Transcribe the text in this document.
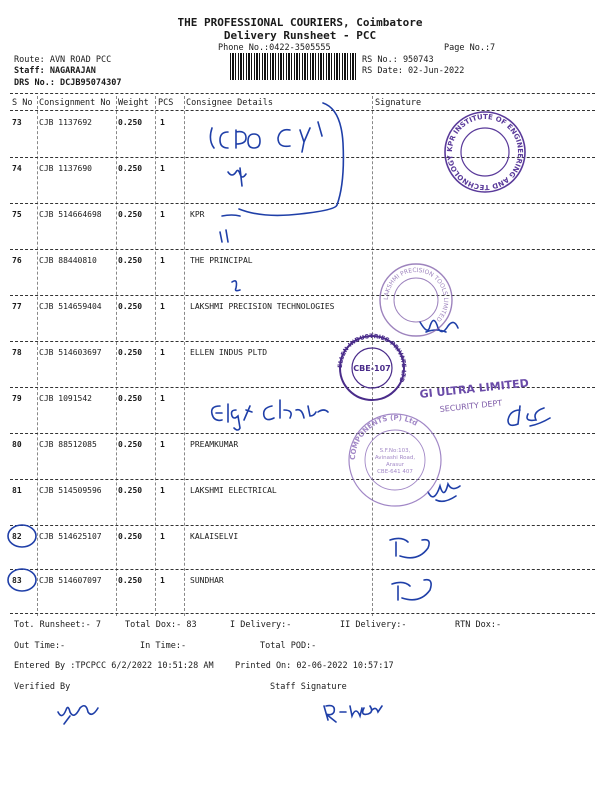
THE PROFESSIONAL COURIERS, Coimbatore
Delivery Runsheet - PCC
Phone No.:0422-3505555	Page No.:7
Route: AVN ROAD PCC
Staff: NAGARAJAN
DRS No.: DCJB95074307
RS No.: 950743
RS Date: 02-Jun-2022
S No Consignment No Weight PCS Consignee Details	Signature
73 CJB 1137692	0.250 1
74 CJB 1137690	0.250 1
75 CJB 514664698 0.250 1	KPR
76 CJB 88440810	0.250 1	THE PRINCIPAL
77 CJB 514659404 0.250 1	LAKSHMI PRECISION TECHNOLOGIES
78 CJB 514603697 0.250 1	ELLEN INDUS PLTD
79 CJB 1091542	0.250 1
80 CJB 88512085	0.250 1	PREAMKUMAR
81 CJB 514509596 0.250 1	LAKSHMI ELECTRICAL
82 CJB 514625107 0.250 1	KALAISELVI
83 CJB 514607097 0.250 1	SUNDHAR
Tot. Runsheet:- 7	Total Dox:- 83	I Delivery:-	II Delivery:-	RTN Dox:-
Out Time:-	In Time:-	Total POD:-
Entered By :TPCPCC 6/2/2022 10:51:28 AM	Printed On: 02-06-2022 10:57:17
Verified By	Staff Signature
KPR INSTITUTE OF ENGINEERING AND TECHNOLOGY
LAKSHMI PRECISION TOOLS LIMITED
ELLEN INDUSTRIES PRIVATE LTD
CBE-107
GI ULTRA LIMITED
SECURITY DEPT
COMPONENTS (P) Ltd
S.F.No:103,
Avinashi Road,
Arasur
CBE-641 407
